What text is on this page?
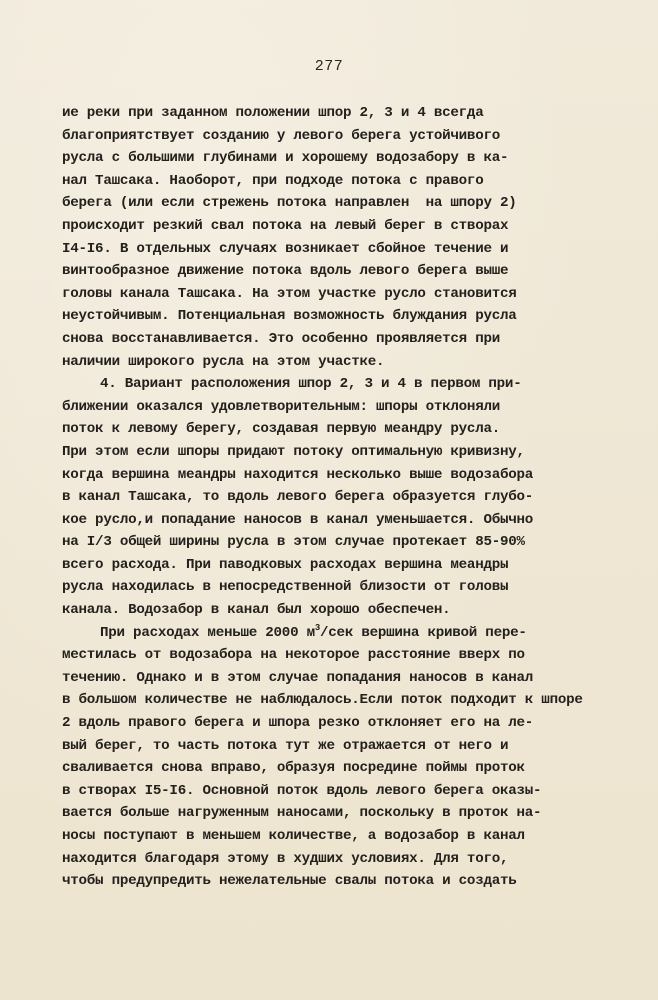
277
ие реки при заданном положении шпор 2, 3 и 4 всегда
благоприятствует созданию у левого берега устойчивого
русла с большими глубинами и хорошему водозабору в ка-
нал Ташсака. Наоборот, при подходе потока с правого
берега (или если стрежень потока направлен  на шпору 2)
происходит резкий свал потока на левый берег в створах
I4-I6. В отдельных случаях возникает сбойное течение и
винтообразное движение потока вдоль левого берега выше
головы канала Ташсака. На этом участке русло становится
неустойчивым. Потенциальная возможность блуждания русла
снова восстанавливается. Это особенно проявляется при
наличии широкого русла на этом участке.
4. Вариант расположения шпор 2, 3 и 4 в первом при-
ближении оказался удовлетворительным: шпоры отклоняли
поток к левому берегу, создавая первую меандру русла.
При этом если шпоры придают потоку оптимальную кривизну,
когда вершина меандры находится несколько выше водозабора
в канал Ташсака, то вдоль левого берега образуется глубо-
кое русло,и попадание наносов в канал уменьшается. Обычно
на I/3 общей ширины русла в этом случае протекает 85-90%
всего расхода. При паводковых расходах вершина меандры
русла находилась в непосредственной близости от головы
канала. Водозабор в канал был хорошо обеспечен.
При расходах меньше 2000 $м^3$/сек вершина кривой пере-
местилась от водозабора на некоторое расстояние вверх по
течению. Однако и в этом случае попадания наносов в канал
в большом количестве не наблюдалось.Если поток подходит к шпоре
2 вдоль правого берега и шпора резко отклоняет его на ле-
вый берег, то часть потока тут же отражается от него и
сваливается снова вправо, образуя посредине поймы проток
в створах I5-I6. Основной поток вдоль левого берега оказы-
вается больше нагруженным наносами, поскольку в проток на-
носы поступают в меньшем количестве, а водозабор в канал
находится благодаря этому в худших условиях. Для того,
чтобы предупредить нежелательные свалы потока и создать
